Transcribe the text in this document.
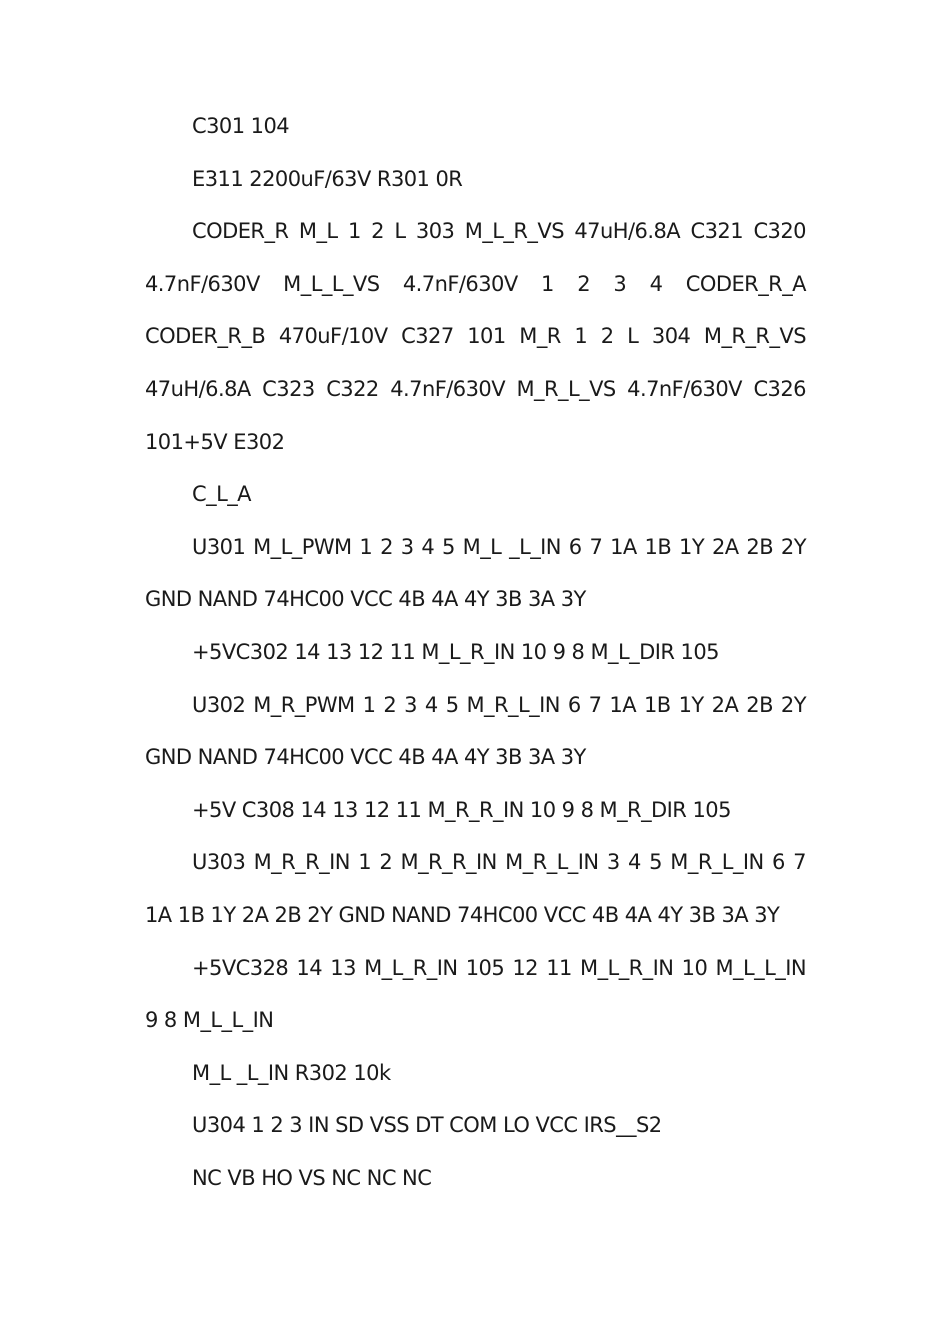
C301 104

E311 2200uF/63V R301 0R

CODER_R M_L 1 2 L 303 M_L_R_VS 47uH/6.8A C321 C320 4.7nF/630V M_L_L_VS 4.7nF/630V 1 2 3 4 CODER_R_A CODER_R_B 470uF/10V C327 101 M_R 1 2 L 304 M_R_R_VS 47uH/6.8A C323 C322 4.7nF/630V M_R_L_VS 4.7nF/630V C326 101+5V E302

C_L_A

U301 M_L_PWM 1 2 3 4 5 M_L _L_IN 6 7 1A 1B 1Y 2A 2B 2Y GND NAND 74HC00 VCC 4B 4A 4Y 3B 3A 3Y

+5VC302 14 13 12 11 M_L_R_IN 10 9 8 M_L_DIR 105

U302 M_R_PWM 1 2 3 4 5 M_R_L_IN 6 7 1A 1B 1Y 2A 2B 2Y GND NAND 74HC00 VCC 4B 4A 4Y 3B 3A 3Y

+5V C308 14 13 12 11 M_R_R_IN 10 9 8 M_R_DIR 105

U303 M_R_R_IN 1 2 M_R_R_IN M_R_L_IN 3 4 5 M_R_L_IN 6 7 1A 1B 1Y 2A 2B 2Y GND NAND 74HC00 VCC 4B 4A 4Y 3B 3A 3Y

+5VC328 14 13 M_L_R_IN 105 12 11 M_L_R_IN 10 M_L_L_IN 9 8 M_L_L_IN

M_L _L_IN R302 10k

U304 1 2 3 IN SD VSS DT COM LO VCC IRS__S2

NC VB HO VS NC NC NC
